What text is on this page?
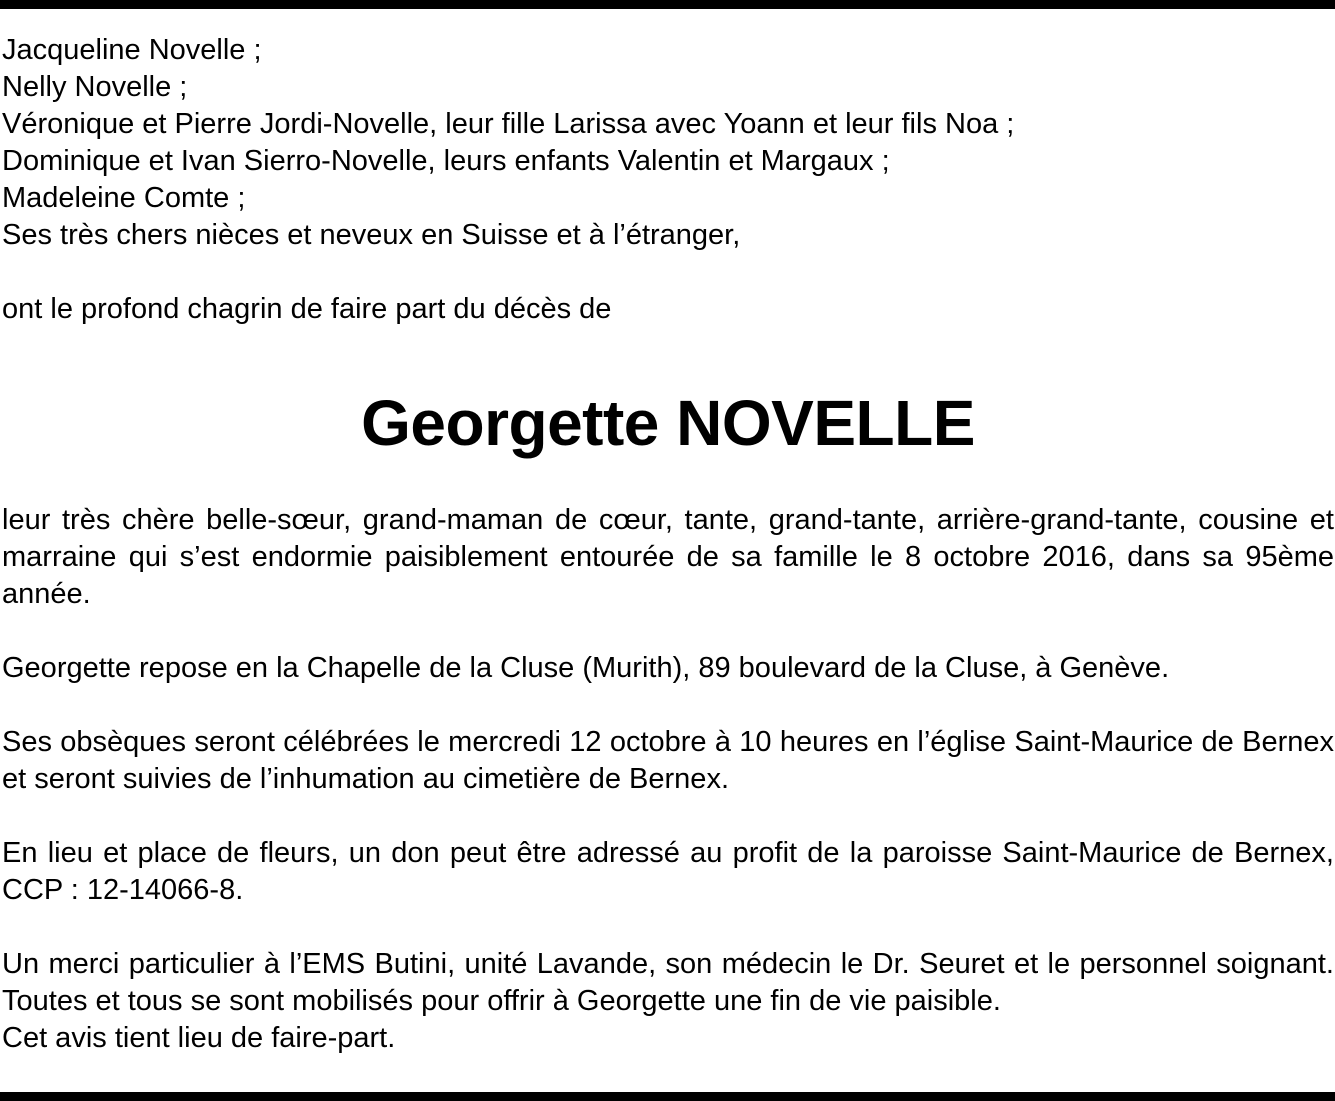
Jacqueline Novelle ;
Nelly Novelle ;
Véronique et Pierre Jordi-Novelle, leur fille Larissa avec Yoann et leur fils Noa ;
Dominique et Ivan Sierro-Novelle, leurs enfants Valentin et Margaux ;
Madeleine Comte ;
Ses très chers nièces et neveux en Suisse et à l’étranger,

ont le profond chagrin de faire part du décès de

Georgette NOVELLE

leur très chère belle-sœur, grand-maman de cœur, tante, grand-tante, arrière-grand-tante, cousine et marraine qui s’est endormie paisiblement entourée de sa famille le 8 octobre 2016, dans sa 95ème année.

Georgette repose en la Chapelle de la Cluse (Murith), 89 boulevard de la Cluse, à Genève.

Ses obsèques seront célébrées le mercredi 12 octobre à 10 heures en l’église Saint-Maurice de Bernex et seront suivies de l’inhumation au cimetière de Bernex.

En lieu et place de fleurs, un don peut être adressé au profit de la paroisse Saint-Maurice de Bernex, CCP : 12-14066-8.

Un merci particulier à l’EMS Butini, unité Lavande, son médecin le Dr. Seuret et le personnel soignant. Toutes et tous se sont mobilisés pour offrir à Georgette une fin de vie paisible.

Cet avis tient lieu de faire-part.
